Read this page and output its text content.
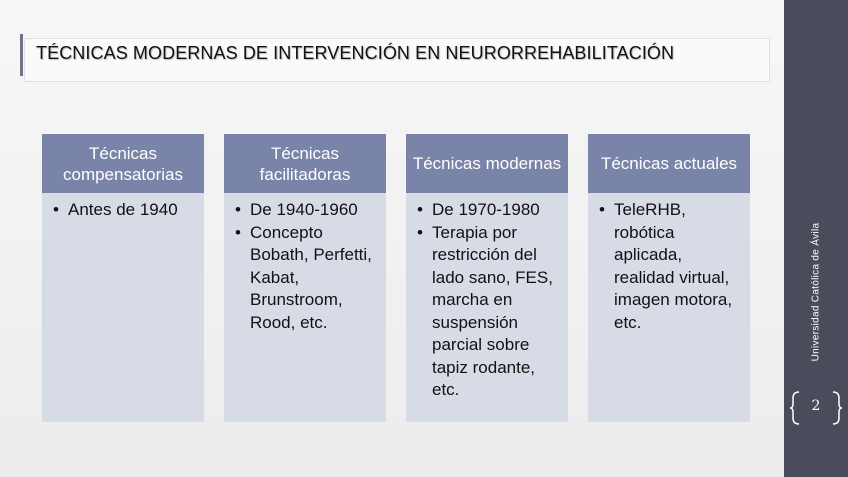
TÉCNICAS MODERNAS DE INTERVENCIÓN EN NEURORREHABILITACIÓN
Técnicas compensatorias
• Antes de 1940
Técnicas facilitadoras
• De 1940-1960
• Concepto Bobath, Perfetti, Kabat, Brunstroom, Rood, etc.
Técnicas modernas
• De 1970-1980
• Terapia por restricción del lado sano, FES, marcha en suspensión parcial sobre tapiz rodante, etc.
Técnicas actuales
• TeleRHB, robótica aplicada, realidad virtual, imagen motora, etc.	Universidad Católica de Ávila
2
